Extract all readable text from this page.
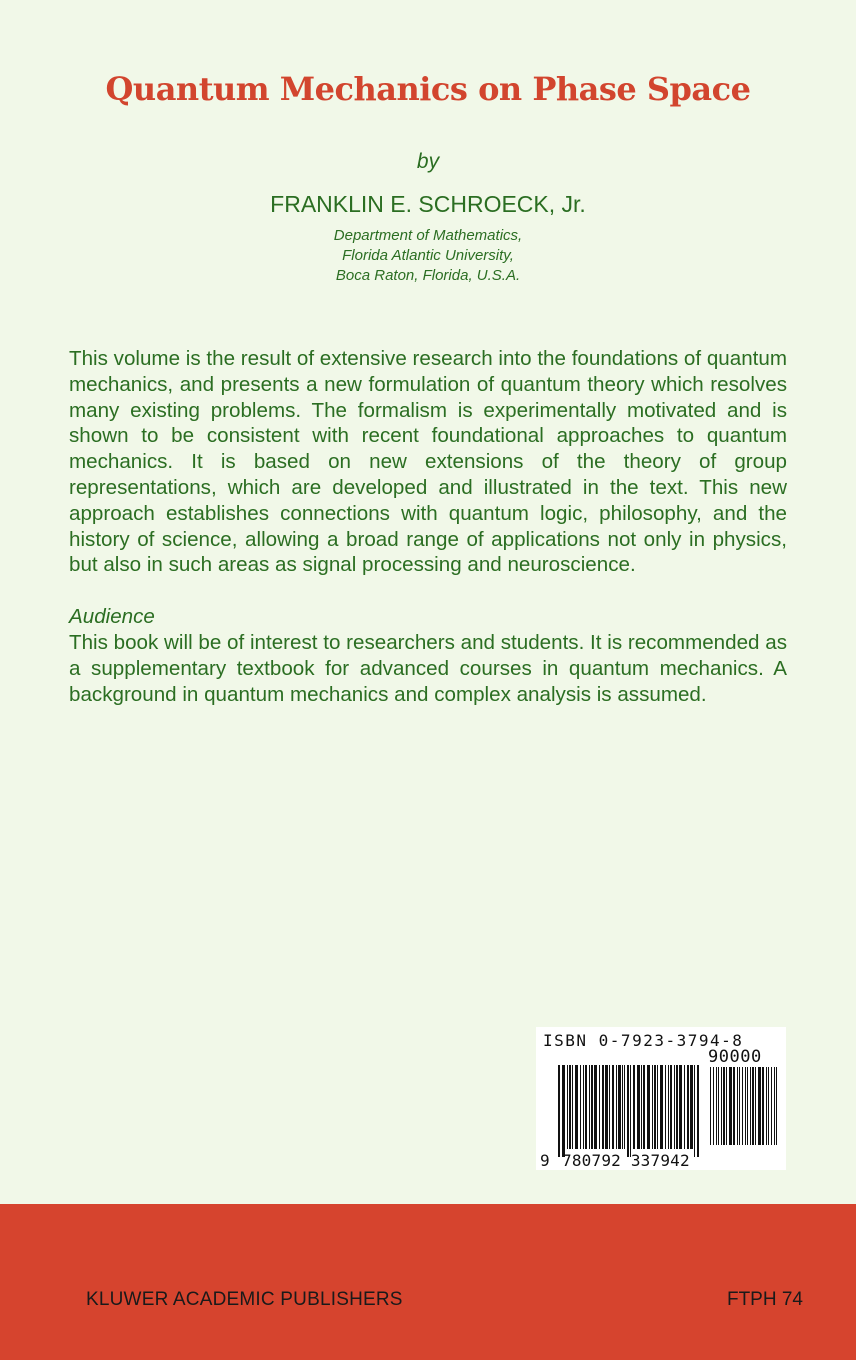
Quantum Mechanics on Phase Space
by
FRANKLIN E. SCHROECK, Jr.
Department of Mathematics,
Florida Atlantic University,
Boca Raton, Florida, U.S.A.

This volume is the result of extensive research into the foundations of quantum mechanics, and presents a new formulation of quantum theory which resolves many existing problems. The formalism is experimentally motivated and is shown to be consistent with recent foundational approaches to quantum mechanics. It is based on new extensions of the theory of group representations, which are developed and illustrated in the text. This new approach establishes connections with quantum logic, philosophy, and the history of science, allowing a broad range of applications not only in physics, but also in such areas as signal processing and neuroscience.

Audience

This book will be of interest to researchers and students. It is recommended as a supplementary textbook for advanced courses in quantum mechanics. A background in quantum mechanics and complex analysis is assumed.

ISBN 0-7923-3794-8
90000
9 780792 337942
KLUWER ACADEMIC PUBLISHERS	FTPH 74
